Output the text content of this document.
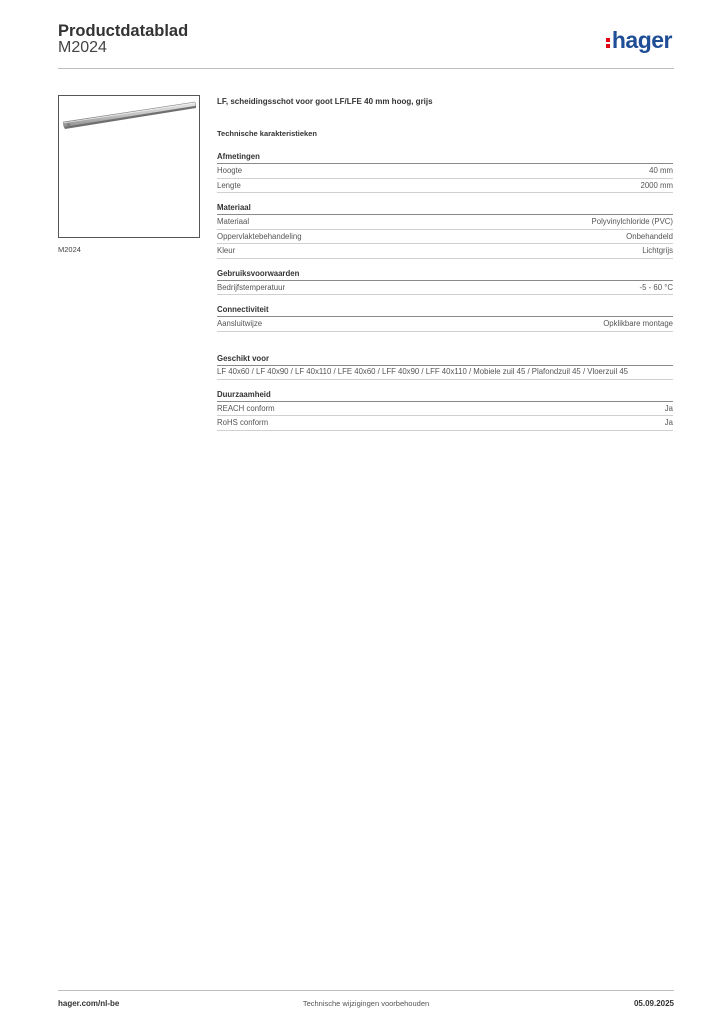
Productdatablad
M2024	hager
M2024
LF, scheidingsschot voor goot LF/LFE 40 mm hoog, grijs
Technische karakteristieken
Afmetingen
Hoogte	40 mm
Lengte	2000 mm
Materiaal
Materiaal	Polyvinylchloride (PVC)
Oppervlaktebehandeling	Onbehandeld
Kleur	Lichtgrijs
Gebruiksvoorwaarden
Bedrijfstemperatuur	-5 - 60 °C
Connectiviteit
Aansluitwijze	Opklikbare montage
Geschikt voor
LF 40x60 / LF 40x90 / LF 40x110 / LFE 40x60 / LFF 40x90 / LFF 40x110 / Mobiele zuil 45 / Plafondzuil 45 / Vloerzuil 45
Duurzaamheid
REACH conform	Ja
RoHS conform	Ja
hager.com/nl-be	Technische wijzigingen voorbehouden	05.09.2025
